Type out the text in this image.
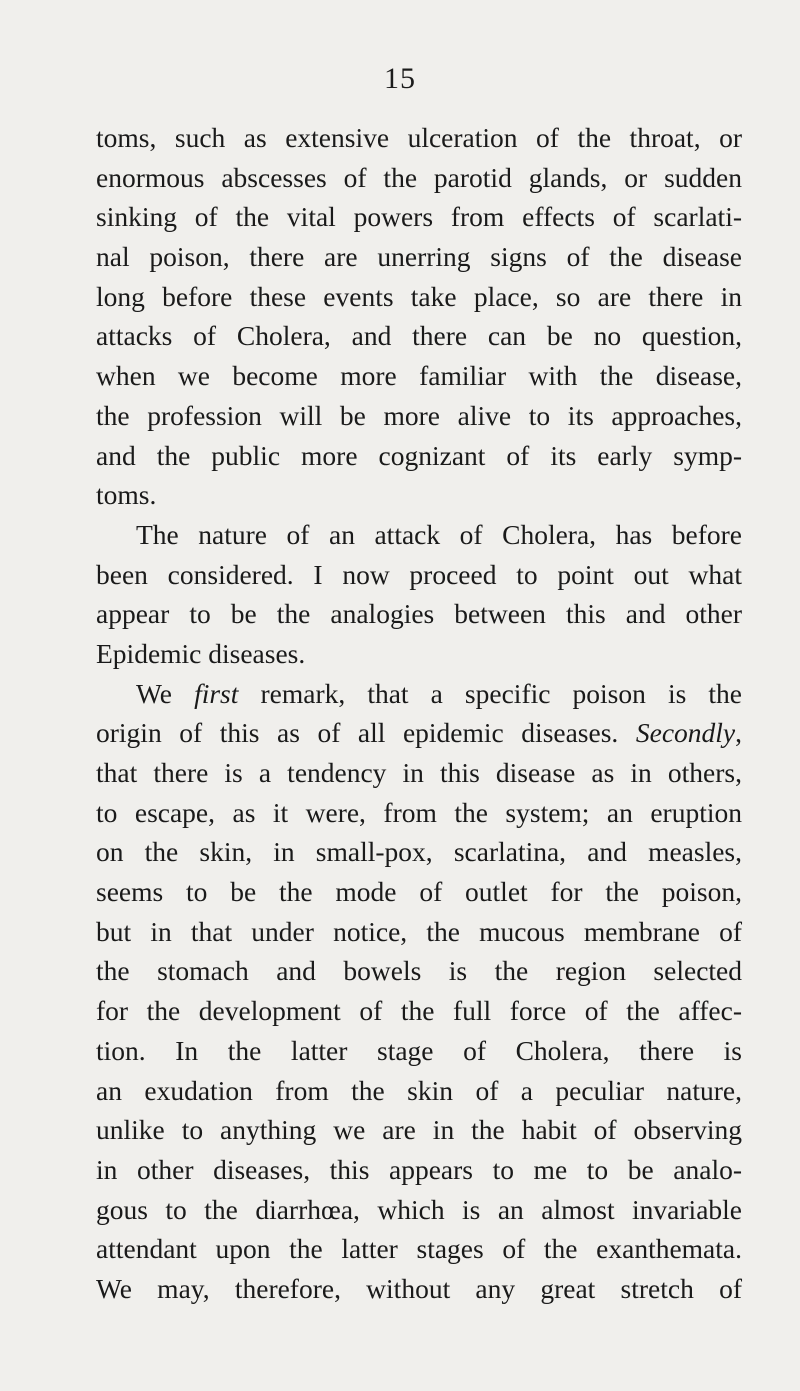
15
toms, such as extensive ulceration of the throat, or
enormous abscesses of the parotid glands, or sudden
sinking of the vital powers from effects of scarlati-
nal poison, there are unerring signs of the disease
long before these events take place, so are there in
attacks of Cholera, and there can be no question,
when we become more familiar with the disease,
the profession will be more alive to its approaches,
and the public more cognizant of its early symp-
toms.
The nature of an attack of Cholera, has before
been considered. I now proceed to point out what
appear to be the analogies between this and other
Epidemic diseases.
We first remark, that a specific poison is the
origin of this as of all epidemic diseases. Secondly,
that there is a tendency in this disease as in others,
to escape, as it were, from the system; an eruption
on the skin, in small-pox, scarlatina, and measles,
seems to be the mode of outlet for the poison,
but in that under notice, the mucous membrane of
the stomach and bowels is the region selected
for the development of the full force of the affec-
tion. In the latter stage of Cholera, there is
an exudation from the skin of a peculiar nature,
unlike to anything we are in the habit of observing
in other diseases, this appears to me to be analo-
gous to the diarrhœa, which is an almost invariable
attendant upon the latter stages of the exanthemata.
We may, therefore, without any great stretch of
